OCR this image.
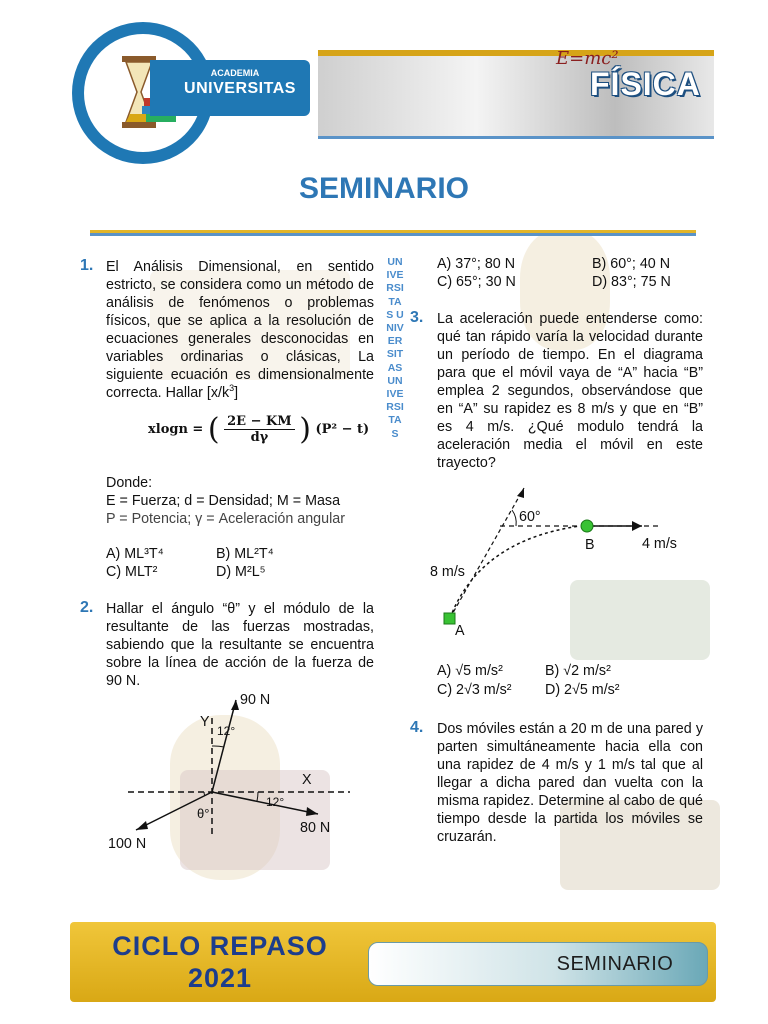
ACADEMIA
UNIVERSITAS
E=mc²
FÍSICA
SEMINARIO
UNIVERSITAS UNIVERSITAS UNIVERSITAS
1. El Análisis Dimensional, en sentido estricto, se considera como un método de análisis de fenómenos o problemas físicos, que se aplica a la resolución de ecuaciones generales desconocidas en variables ordinarias o clásicas, La siguiente ecuación es dimensionalmente correcta. Hallar $[x/k^3]$
xlogn = ( $\frac{2E - KM}{d\gamma}$ ) (P² − t)
Donde:
E = Fuerza; d = Densidad; M = Masa
P = Potencia; γ = Aceleración angular
A) ML³T⁴	B) ML²T⁴
C) MLT²	D) M²L⁵
2. Hallar el ángulo “θ” y el módulo de la resultante de las fuerzas mostradas, sabiendo que la resultante se encuentra sobre la línea de acción de la fuerza de 90 N.
90 N
Y
12°
X
12°
θ°
80 N
100 N
A) 37°; 80 N	B) 60°; 40 N
C) 65°; 30 N	D) 83°; 75 N
3. La aceleración puede entenderse como: qué tan rápido varía la velocidad durante un período de tiempo. En el diagrama para que el móvil vaya de “A” hacia “B” emplea 2 segundos, observándose que en “A” su rapidez es 8 m/s y que en “B” es 4 m/s. ¿Qué modulo tendrá la aceleración media el móvil en este trayecto?
60°
B	4 m/s
8 m/s
A
A) √5 m/s²	B) √2 m/s²
C) 2√3 m/s² D) 2√5 m/s²
4. Dos móviles están a 20 m de una pared y parten simultáneamente hacia ella con una rapidez de 4 m/s y 1 m/s tal que al llegar a dicha pared dan vuelta con la misma rapidez. Determine al cabo de qué tiempo desde la partida los móviles se cruzarán.
CICLO REPASO
2021	SEMINARIO
